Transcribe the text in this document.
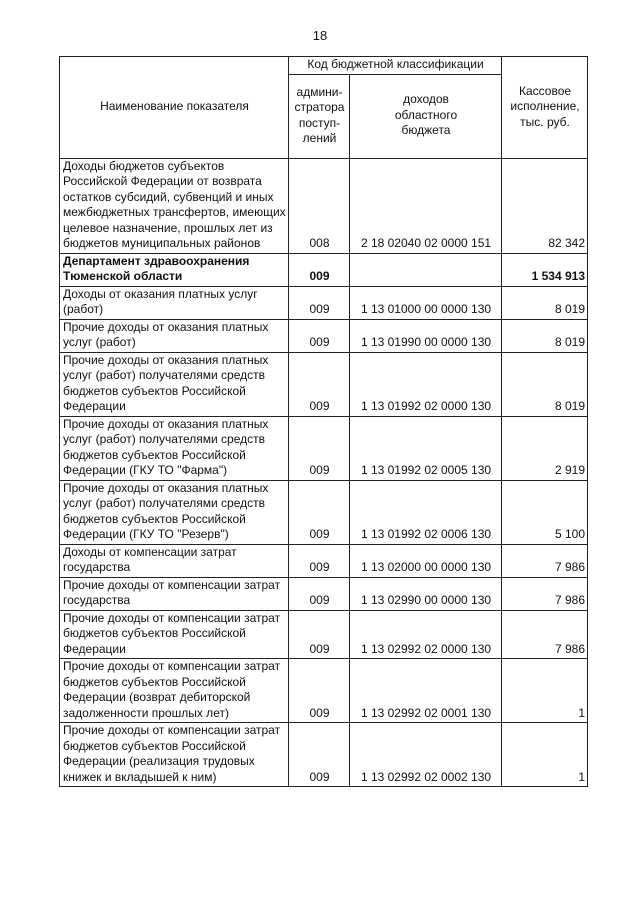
18
Наименование показателя	Код бюджетной классификации		Кассовое
исполнение,
тыс. руб.
	админи-
стратора
поступ-
лений	доходов
областного
бюджета	
Доходы бюджетов субъектов Российской Федерации от возврата остатков субсидий, субвенций и иных межбюджетных трансфертов, имеющих целевое назначение, прошлых лет из бюджетов муниципальных районов	008	2 18 02040 02 0000 151	82 342
Департамент здравоохранения Тюменской области	009		1 534 913
Доходы от оказания платных услуг (работ)	009	1 13 01000 00 0000 130	8 019
Прочие доходы от оказания платных услуг (работ)	009	1 13 01990 00 0000 130	8 019
Прочие доходы от оказания платных услуг (работ) получателями средств бюджетов субъектов Российской Федерации	009	1 13 01992 02 0000 130	8 019
Прочие доходы от оказания платных услуг (работ) получателями средств бюджетов субъектов Российской Федерации (ГКУ ТО "Фарма")	009	1 13 01992 02 0005 130	2 919
Прочие доходы от оказания платных услуг (работ) получателями средств бюджетов субъектов Российской Федерации (ГКУ ТО "Резерв")	009	1 13 01992 02 0006 130	5 100
Доходы от компенсации затрат государства	009	1 13 02000 00 0000 130	7 986
Прочие доходы от компенсации затрат государства	009	1 13 02990 00 0000 130	7 986
Прочие доходы от компенсации затрат бюджетов субъектов Российской Федерации	009	1 13 02992 02 0000 130	7 986
Прочие доходы от компенсации затрат бюджетов субъектов Российской Федерации (возврат дебиторской задолженности прошлых лет)	009	1 13 02992 02 0001 130	1
Прочие доходы от компенсации затрат бюджетов субъектов Российской Федерации (реализация трудовых книжек и вкладышей к ним)	009	1 13 02992 02 0002 130	1
